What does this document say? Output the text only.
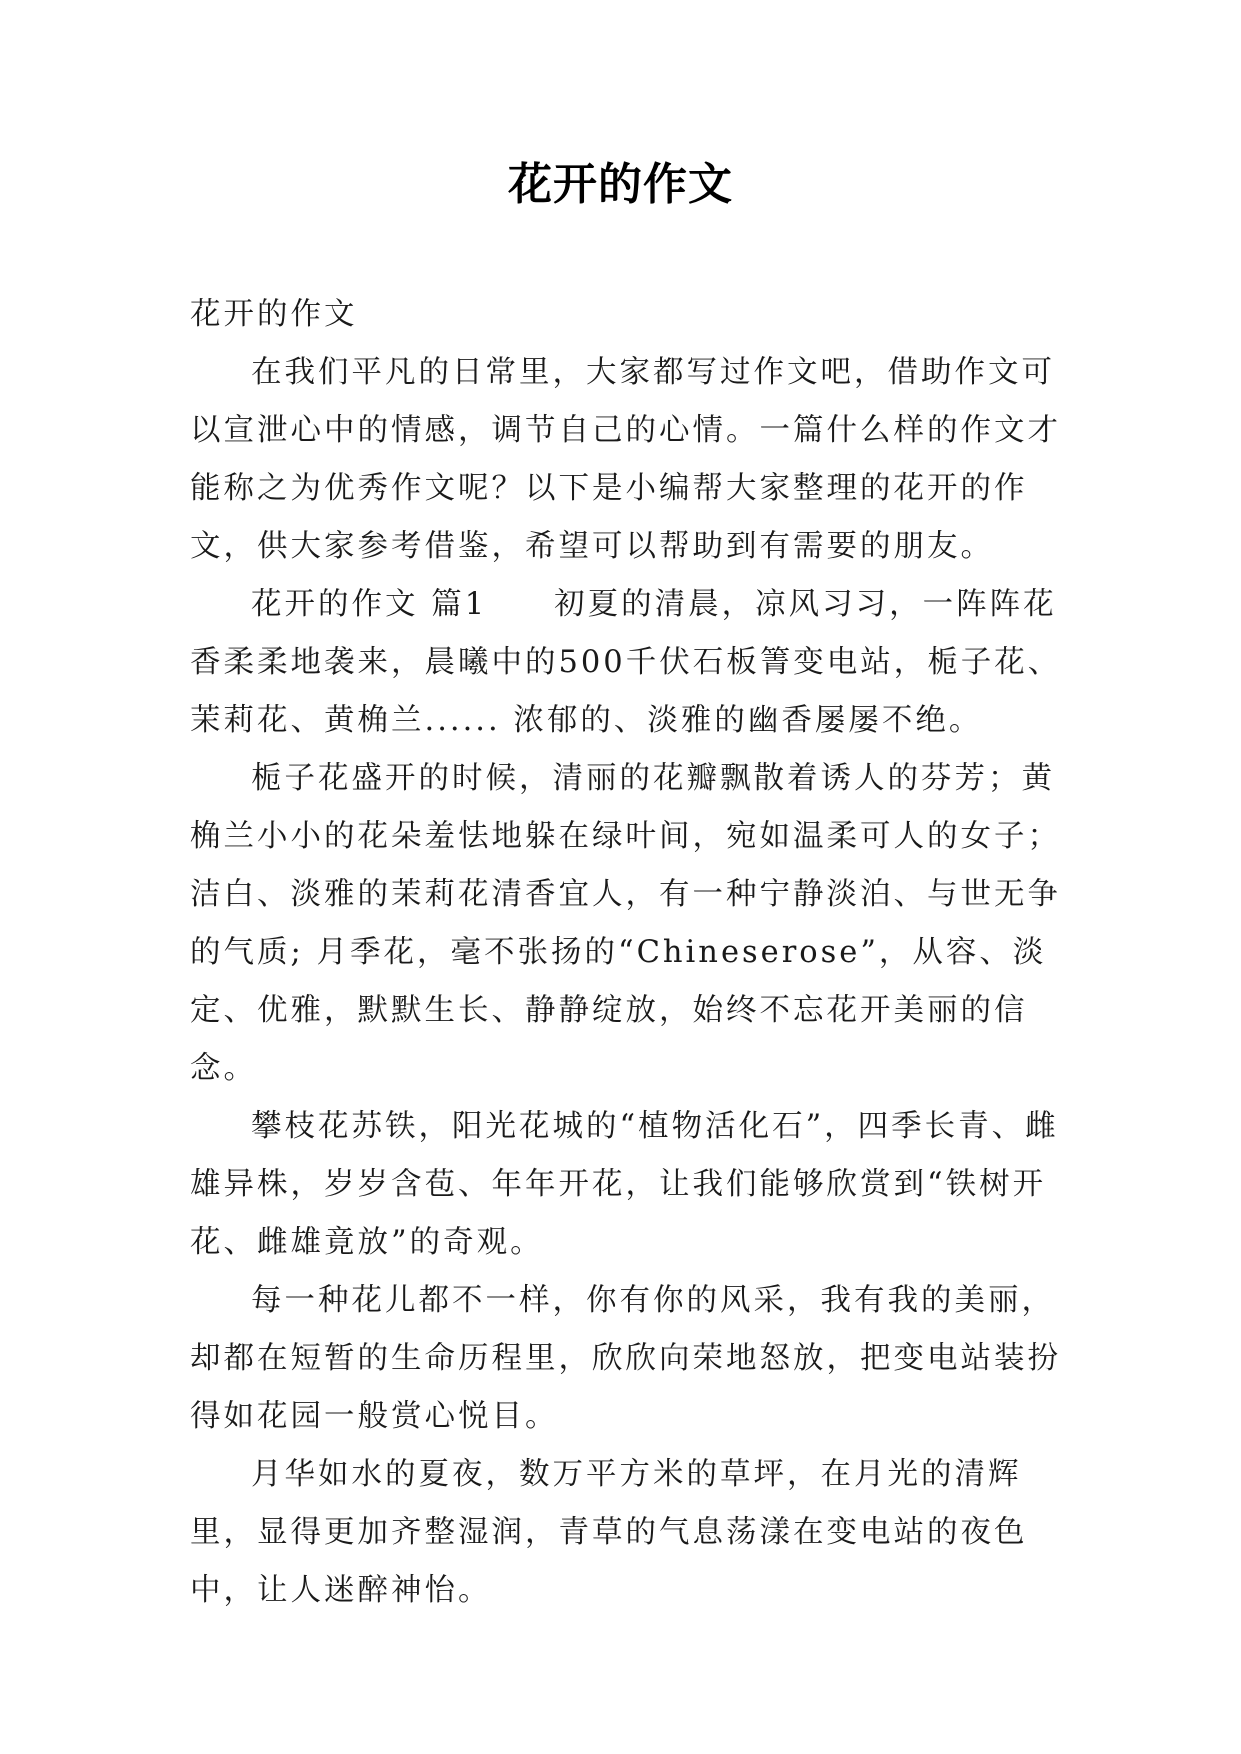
花开的作文

花开的作文

在我们平凡的日常里，大家都写过作文吧，借助作文可以宣泄心中的情感，调节自己的心情。一篇什么样的作文才能称之为优秀作文呢？以下是小编帮大家整理的花开的作文，供大家参考借鉴，希望可以帮助到有需要的朋友。

花开的作文 篇1　　初夏的清晨，凉风习习，一阵阵花香柔柔地袭来，晨曦中的500千伏石板箐变电站，栀子花、茉莉花、黄桷兰...... 浓郁的、淡雅的幽香屡屡不绝。

栀子花盛开的时候，清丽的花瓣飘散着诱人的芬芳；黄桷兰小小的花朵羞怯地躲在绿叶间，宛如温柔可人的女子；洁白、淡雅的茉莉花清香宜人，有一种宁静淡泊、与世无争的气质; 月季花，毫不张扬的“Chineserose”，从容、淡定、优雅，默默生长、静静绽放，始终不忘花开美丽的信念。

攀枝花苏铁，阳光花城的“植物活化石”，四季长青、雌雄异株，岁岁含苞、年年开花，让我们能够欣赏到“铁树开花、雌雄竟放”的奇观。

每一种花儿都不一样，你有你的风采，我有我的美丽，却都在短暂的生命历程里，欣欣向荣地怒放，把变电站装扮得如花园一般赏心悦目。

月华如水的夏夜，数万平方米的草坪，在月光的清辉里，显得更加齐整湿润，青草的气息荡漾在变电站的夜色中，让人迷醉神怡。
